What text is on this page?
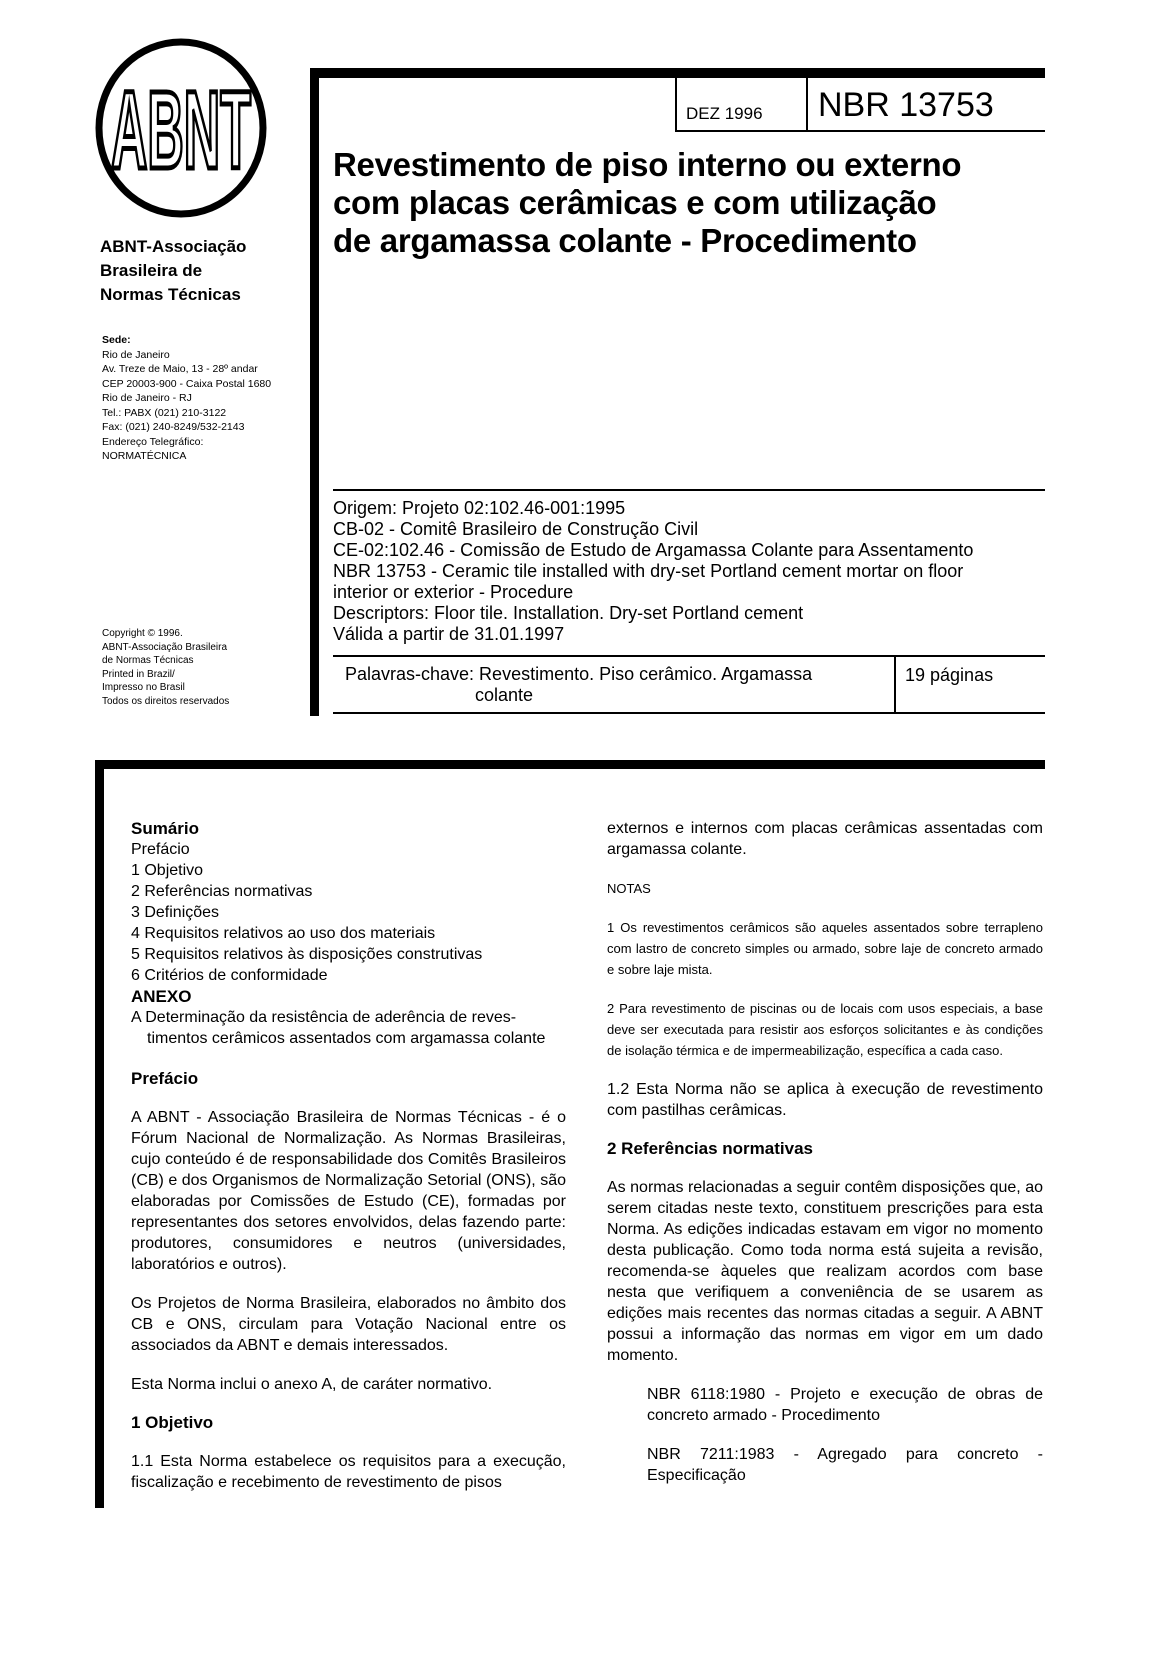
ABNT
ABNT-Associação
Brasileira de
Normas Técnicas
Sede:
Rio de Janeiro
Av. Treze de Maio, 13 - 28º andar
CEP 20003-900 - Caixa Postal 1680
Rio de Janeiro - RJ
Tel.: PABX (021) 210-3122
Fax: (021) 240-8249/532-2143
Endereço Telegráfico:
NORMATÉCNICA
Copyright © 1996.
ABNT-Associação Brasileira
de Normas Técnicas
Printed in Brazil/
Impresso no Brasil
Todos os direitos reservados
DEZ 1996 NBR 13753
Revestimento de piso interno ou externo
com placas cerâmicas e com utilização
de argamassa colante - Procedimento
Origem: Projeto 02:102.46-001:1995
CB-02 - Comitê Brasileiro de Construção Civil
CE-02:102.46 - Comissão de Estudo de Argamassa Colante para Assentamento
NBR 13753 - Ceramic tile installed with dry-set Portland cement mortar on floor
interior or exterior - Procedure
Descriptors: Floor tile. Installation. Dry-set Portland cement
Válida a partir de 31.01.1997
Palavras-chave: Revestimento. Piso cerâmico. Argamassa
colante
19 páginas
Sumário
Prefácio
1 Objetivo
2 Referências normativas
3 Definições
4 Requisitos relativos ao uso dos materiais
5 Requisitos relativos às disposições construtivas
6 Critérios de conformidade
ANEXO
A Determinação da resistência de aderência de reves-
timentos cerâmicos assentados com argamassa colante
Prefácio

A ABNT - Associação Brasileira de Normas Técnicas - é o Fórum Nacional de Normalização. As Normas Brasileiras, cujo conteúdo é de responsabilidade dos Comitês Brasileiros (CB) e dos Organismos de Normalização Setorial (ONS), são elaboradas por Comissões de Estudo (CE), formadas por representantes dos setores envolvidos, delas fazendo parte: produtores, consumidores e neutros (universidades, laboratórios e outros).

Os Projetos de Norma Brasileira, elaborados no âmbito dos CB e ONS, circulam para Votação Nacional entre os associados da ABNT e demais interessados.

Esta Norma inclui o anexo A, de caráter normativo.

1 Objetivo

1.1 Esta Norma estabelece os requisitos para a execução, fiscalização e recebimento de revestimento de pisos

externos e internos com placas cerâmicas assentadas com argamassa colante.

NOTAS

1 Os revestimentos cerâmicos são aqueles assentados sobre terrapleno com lastro de concreto simples ou armado, sobre laje de concreto armado e sobre laje mista.

2 Para revestimento de piscinas ou de locais com usos especiais, a base deve ser executada para resistir aos esforços solicitantes e às condições de isolação térmica e de impermeabilização, específica a cada caso.

1.2 Esta Norma não se aplica à execução de revestimento com pastilhas cerâmicas.

2 Referências normativas

As normas relacionadas a seguir contêm disposições que, ao serem citadas neste texto, constituem prescrições para esta Norma. As edições indicadas estavam em vigor no momento desta publicação. Como toda norma está sujeita a revisão, recomenda-se àqueles que realizam acordos com base nesta que verifiquem a conveniência de se usarem as edições mais recentes das normas citadas a seguir. A ABNT possui a informação das normas em vigor em um dado momento.

NBR 6118:1980 - Projeto e execução de obras de concreto armado - Procedimento

NBR 7211:1983 - Agregado para concreto - Especificação
